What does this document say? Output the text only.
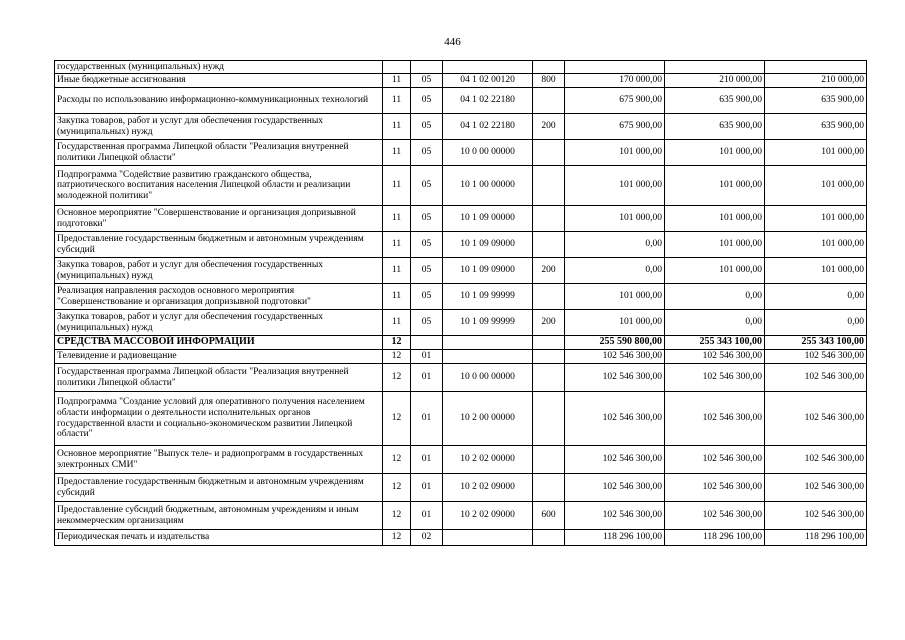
446
государственных (муниципальных) нужд							
Иные бюджетные ассигнования	11	05	04 1 02 00120	800	170 000,00	210 000,00	210 000,00
Расходы по использованию информационно-коммуникационных технологий	11	05	04 1 02 22180		675 900,00	635 900,00	635 900,00
Закупка товаров, работ и услуг для обеспечения государственных (муниципальных) нужд	11	05	04 1 02 22180	200	675 900,00	635 900,00	635 900,00
Государственная программа Липецкой области "Реализация внутренней политики Липецкой области"	11	05	10 0 00 00000		101 000,00	101 000,00	101 000,00
Подпрограмма "Содействие развитию гражданского общества, патриотического воспитания населения Липецкой области и реализации молодежной политики"	11	05	10 1 00 00000		101 000,00	101 000,00	101 000,00
Основное мероприятие "Совершенствование и организация допризывной подготовки"	11	05	10 1 09 00000		101 000,00	101 000,00	101 000,00
Предоставление государственным бюджетным и автономным учреждениям субсидий	11	05	10 1 09 09000		0,00	101 000,00	101 000,00
Закупка товаров, работ и услуг для обеспечения государственных (муниципальных) нужд	11	05	10 1 09 09000	200	0,00	101 000,00	101 000,00
Реализация направления расходов основного мероприятия "Совершенствование и организация допризывной подготовки"	11	05	10 1 09 99999		101 000,00	0,00	0,00
Закупка товаров, работ и услуг для обеспечения государственных (муниципальных) нужд	11	05	10 1 09 99999	200	101 000,00	0,00	0,00
СРЕДСТВА МАССОВОЙ ИНФОРМАЦИИ	12				255 590 800,00	255 343 100,00	255 343 100,00
Телевидение и радиовещание	12	01			102 546 300,00	102 546 300,00	102 546 300,00
Государственная программа Липецкой области "Реализация внутренней политики Липецкой области"	12	01	10 0 00 00000		102 546 300,00	102 546 300,00	102 546 300,00
Подпрограмма "Создание условий для оперативного получения населением области информации о деятельности исполнительных органов государственной власти и социально-экономическом развитии Липецкой области"	12	01	10 2 00 00000		102 546 300,00	102 546 300,00	102 546 300,00
Основное мероприятие "Выпуск теле- и радиопрограмм в государственных электронных СМИ"	12	01	10 2 02 00000		102 546 300,00	102 546 300,00	102 546 300,00
Предоставление государственным бюджетным и автономным учреждениям субсидий	12	01	10 2 02 09000		102 546 300,00	102 546 300,00	102 546 300,00
Предоставление субсидий бюджетным, автономным учреждениям и иным некоммерческим организациям	12	01	10 2 02 09000	600	102 546 300,00	102 546 300,00	102 546 300,00
Периодическая печать и издательства	12	02			118 296 100,00	118 296 100,00	118 296 100,00
